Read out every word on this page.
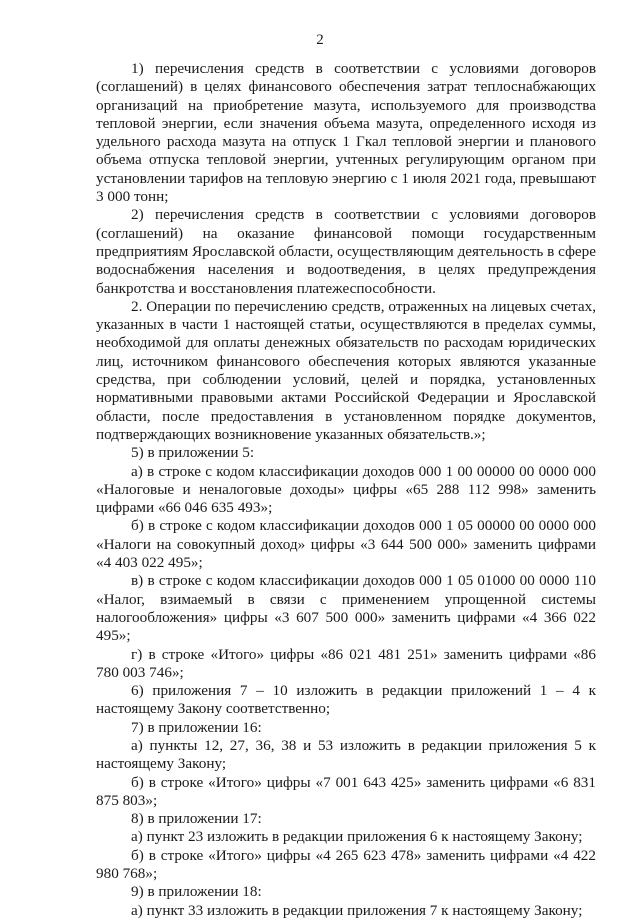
2

1) перечисления средств в соответствии с условиями договоров (соглашений) в целях финансового обеспечения затрат теплоснабжающих организаций на приобретение мазута, используемого для производства тепловой энергии, если значения объема мазута, определенного исходя из удельного расхода мазута на отпуск 1 Гкал тепловой энергии и планового объема отпуска тепловой энергии, учтенных регулирующим органом при установлении тарифов на тепловую энергию с 1 июля 2021 года, превышают 3 000 тонн;

2) перечисления средств в соответствии с условиями договоров (соглашений) на оказание финансовой помощи государственным предприятиям Ярославской области, осуществляющим деятельность в сфере водоснабжения населения и водоотведения, в целях предупреждения банкротства и восстановления платежеспособности.

2. Операции по перечислению средств, отраженных на лицевых счетах, указанных в части 1 настоящей статьи, осуществляются в пределах суммы, необходимой для оплаты денежных обязательств по расходам юридических лиц, источником финансового обеспечения которых являются указанные средства, при соблюдении условий, целей и порядка, установленных нормативными правовыми актами Российской Федерации и Ярославской области, после предоставления в установленном порядке документов, подтверждающих возникновение указанных обязательств.»;

5) в приложении 5:

а) в строке с кодом классификации доходов 000 1 00 00000 00 0000 000 «Налоговые и неналоговые доходы» цифры «65 288 112 998» заменить цифрами «66 046 635 493»;

б) в строке с кодом классификации доходов 000 1 05 00000 00 0000 000 «Налоги на совокупный доход» цифры «3 644 500 000» заменить цифрами «4 403 022 495»;

в) в строке с кодом классификации доходов 000 1 05 01000 00 0000 110 «Налог, взимаемый в связи с применением упрощенной системы налогообложения» цифры «3 607 500 000» заменить цифрами «4 366 022 495»;

г) в строке «Итого» цифры «86 021 481 251» заменить цифрами «86 780 003 746»;

6) приложения 7 – 10 изложить в редакции приложений 1 – 4 к настоящему Закону соответственно;

7) в приложении 16:

а) пункты 12, 27, 36, 38 и 53 изложить в редакции приложения 5 к настоящему Закону;

б) в строке «Итого» цифры «7 001 643 425» заменить цифрами «6 831 875 803»;

8) в приложении 17:

а) пункт 23 изложить в редакции приложения 6 к настоящему Закону;

б) в строке «Итого» цифры «4 265 623 478» заменить цифрами «4 422 980 768»;

9) в приложении 18:

а) пункт 33 изложить в редакции приложения 7 к настоящему Закону;
